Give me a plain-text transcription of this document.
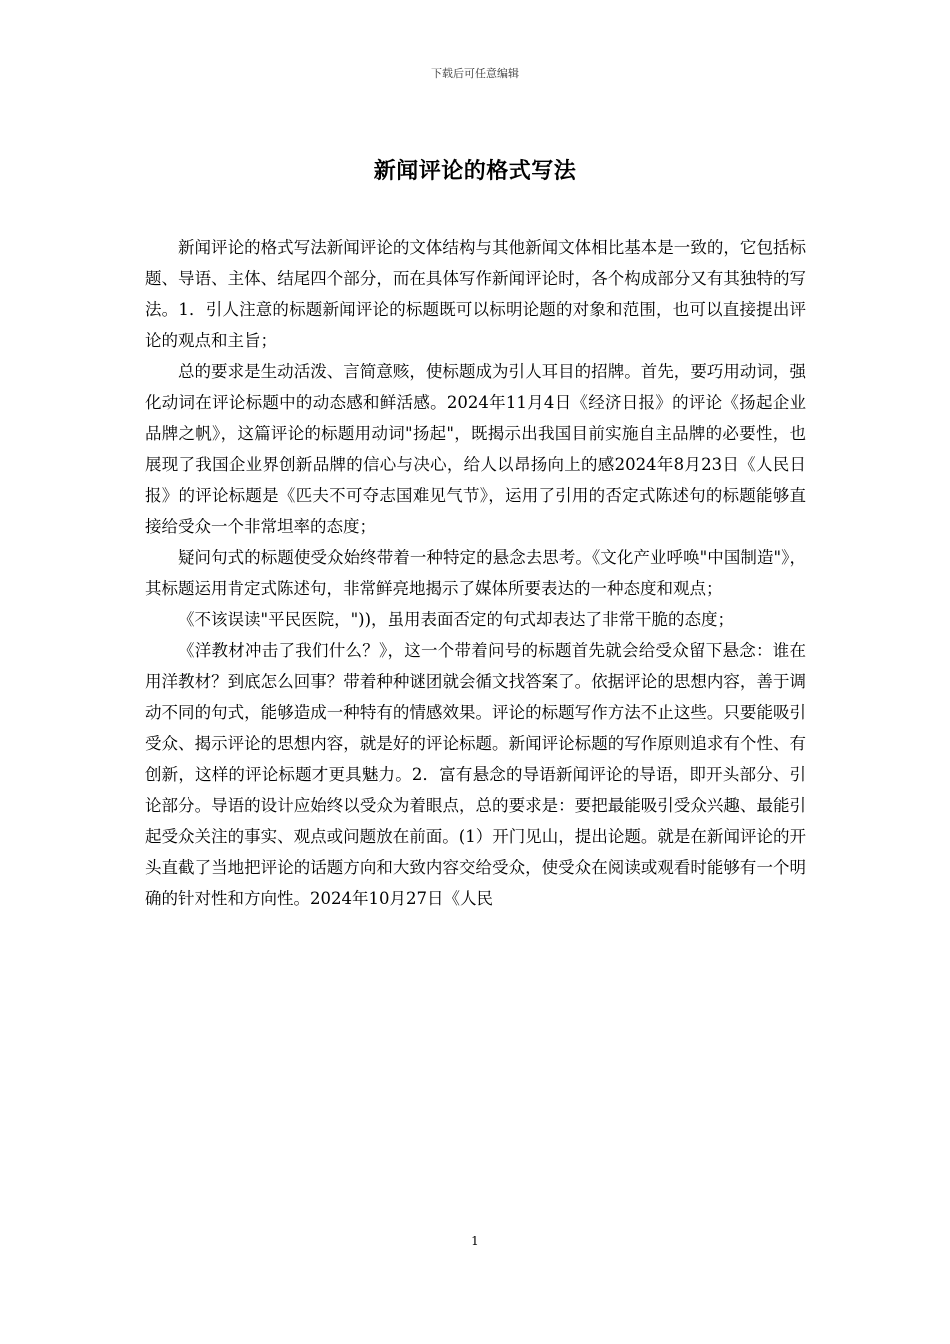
下载后可任意编辑
新闻评论的格式写法

新闻评论的格式写法新闻评论的文体结构与其他新闻文体相比基本是一致的，它包括标题、导语、主体、结尾四个部分，而在具体写作新闻评论时，各个构成部分又有其独特的写法。1．引人注意的标题新闻评论的标题既可以标明论题的对象和范围，也可以直接提出评论的观点和主旨；

总的要求是生动活泼、言简意赅，使标题成为引人耳目的招牌。首先，要巧用动词，强化动词在评论标题中的动态感和鲜活感。2024年11月4日《经济日报》的评论《扬起企业品牌之帆》，这篇评论的标题用动词"扬起"，既揭示出我国目前实施自主品牌的必要性，也展现了我国企业界创新品牌的信心与决心，给人以昂扬向上的感2024年8月23日《人民日报》的评论标题是《匹夫不可夺志国难见气节》，运用了引用的否定式陈述句的标题能够直接给受众一个非常坦率的态度；

疑问句式的标题使受众始终带着一种特定的悬念去思考。《文化产业呼唤"中国制造"》，其标题运用肯定式陈述句，非常鲜亮地揭示了媒体所要表达的一种态度和观点；

《不该误读"平民医院，"))，虽用表面否定的句式却表达了非常干脆的态度；

《洋教材冲击了我们什么？》，这一个带着问号的标题首先就会给受众留下悬念：谁在用洋教材？到底怎么回事？带着种种谜团就会循文找答案了。依据评论的思想内容，善于调动不同的句式，能够造成一种特有的情感效果。评论的标题写作方法不止这些。只要能吸引受众、揭示评论的思想内容，就是好的评论标题。新闻评论标题的写作原则追求有个性、有创新，这样的评论标题才更具魅力。2．富有悬念的导语新闻评论的导语，即开头部分、引论部分。导语的设计应始终以受众为着眼点，总的要求是：要把最能吸引受众兴趣、最能引起受众关注的事实、观点或问题放在前面。(1）开门见山，提出论题。就是在新闻评论的开头直截了当地把评论的话题方向和大致内容交给受众，使受众在阅读或观看时能够有一个明确的针对性和方向性。2024年10月27日《人民

1
